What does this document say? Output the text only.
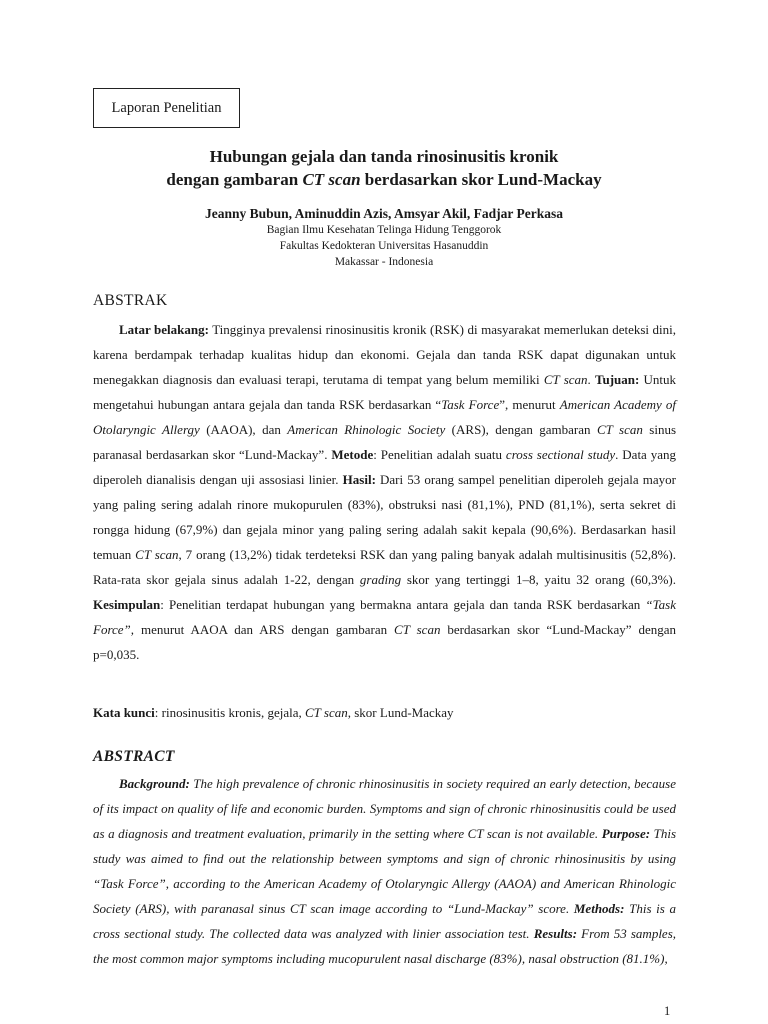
Laporan Penelitian
Hubungan gejala dan tanda rinosinusitis kronik
dengan gambaran CT scan berdasarkan skor Lund-Mackay
Jeanny Bubun, Aminuddin Azis, Amsyar Akil, Fadjar Perkasa
Bagian Ilmu Kesehatan Telinga Hidung Tenggorok
Fakultas Kedokteran Universitas Hasanuddin
Makassar - Indonesia
ABSTRAK

Latar belakang: Tingginya prevalensi rinosinusitis kronik (RSK) di masyarakat memerlukan deteksi dini, karena berdampak terhadap kualitas hidup dan ekonomi. Gejala dan tanda RSK dapat digunakan untuk menegakkan diagnosis dan evaluasi terapi, terutama di tempat yang belum memiliki CT scan. Tujuan: Untuk mengetahui hubungan antara gejala dan tanda RSK berdasarkan “Task Force”, menurut American Academy of Otolaryngic Allergy (AAOA), dan American Rhinologic Society (ARS), dengan gambaran CT scan sinus paranasal berdasarkan skor “Lund-Mackay”. Metode: Penelitian adalah suatu cross sectional study. Data yang diperoleh dianalisis dengan uji assosiasi linier. Hasil: Dari 53 orang sampel penelitian diperoleh gejala mayor yang paling sering adalah rinore mukopurulen (83%), obstruksi nasi (81,1%), PND (81,1%), serta sekret di rongga hidung (67,9%) dan gejala minor yang paling sering adalah sakit kepala (90,6%). Berdasarkan hasil temuan CT scan, 7 orang (13,2%) tidak terdeteksi RSK dan yang paling banyak adalah multisinusitis (52,8%). Rata-rata skor gejala sinus adalah 1-22, dengan grading skor yang tertinggi 1–8, yaitu 32 orang (60,3%). Kesimpulan: Penelitian terdapat hubungan yang bermakna antara gejala dan tanda RSK berdasarkan “Task Force”, menurut AAOA dan ARS dengan gambaran CT scan berdasarkan skor “Lund-Mackay” dengan p=0,035.

Kata kunci: rinosinusitis kronis, gejala, CT scan, skor Lund-Mackay
ABSTRACT

Background: The high prevalence of chronic rhinosinusitis in society required an early detection, because of its impact on quality of life and economic burden. Symptoms and sign of chronic rhinosinusitis could be used as a diagnosis and treatment evaluation, primarily in the setting where CT scan is not available. Purpose: This study was aimed to find out the relationship between symptoms and sign of chronic rhinosinusitis by using “Task Force”, according to the American Academy of Otolaryngic Allergy (AAOA) and American Rhinologic Society (ARS), with paranasal sinus CT scan image according to “Lund-Mackay” score. Methods: This is a cross sectional study. The collected data was analyzed with linier association test. Results: From 53 samples, the most common major symptoms including mucopurulent nasal discharge (83%), nasal obstruction (81.1%),

1
